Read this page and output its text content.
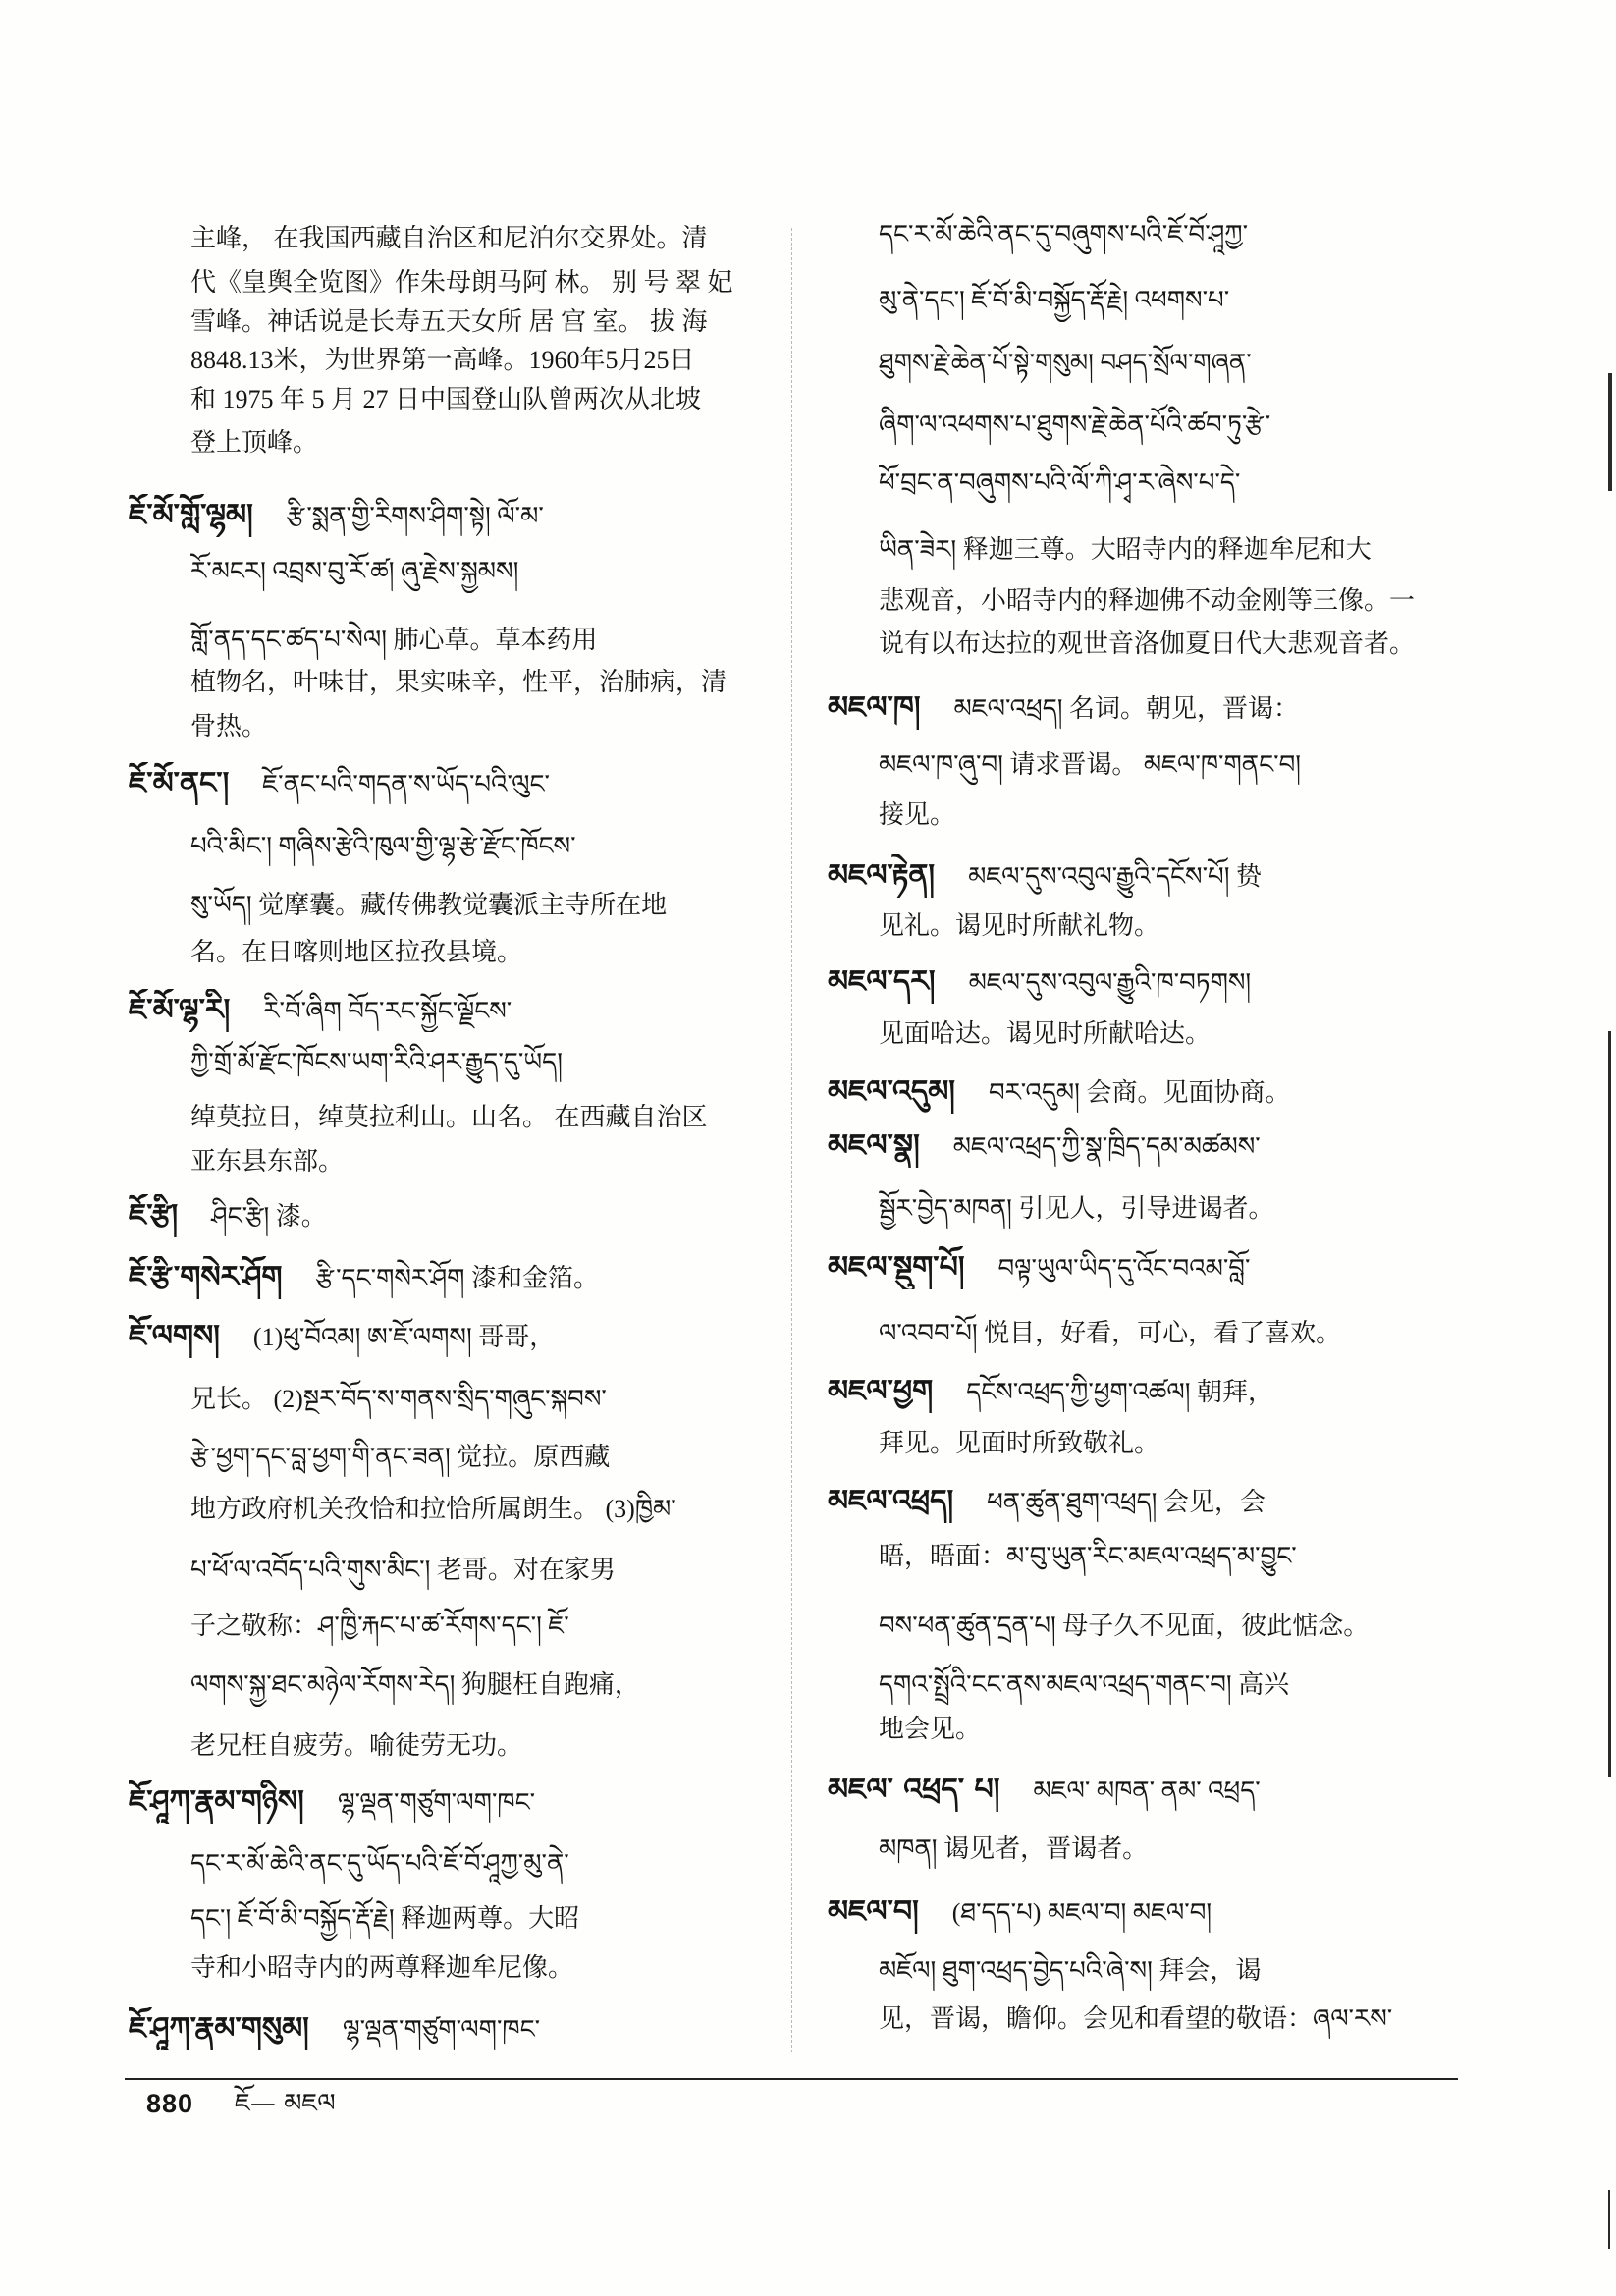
主峰， 在我国西藏自治区和尼泊尔交界处。清
代《皇舆全览图》作朱母朗马阿 林。 别 号 翠 妃
雪峰。神话说是长寿五天女所 居 宫 室。 拔 海
8848.13米，为世界第一高峰。1960年5月25日
和 1975 年 5 月 27 日中国登山队曾两次从北坡
登上顶峰。
ཇོ་མོ་གློ་ལྷམ། རྩི་སྨན་གྱི་རིགས་ཤིག་སྟེ། ལོ་མ་
རོ་མངར། འབྲས་བུ་རོ་ཚ། ཞུ་རྗེས་སྐྱམས།
གློ་ནད་དང་ཚད་པ་སེལ། 肺心草。草本药用
植物名，叶味甘，果实味辛，性平，治肺病，清
骨热。
ཇོ་མོ་ནང་། ཇོ་ནང་པའི་གདན་ས་ཡོད་པའི་ལུང་
པའི་མིང་། གཞིས་རྩེའི་ཁུལ་གྱི་ལྷ་རྩེ་རྫོང་ཁོངས་
སུ་ཡོད། 觉摩囊。藏传佛教觉囊派主寺所在地
名。在日喀则地区拉孜县境。
ཇོ་མོ་ལྷ་རི། རི་བོ་ཞིག བོད་རང་སྐྱོང་ལྗོངས་
ཀྱི་གྲོ་མོ་རྫོང་ཁོངས་ཡག་རིའི་ཤར་རྒྱུད་དུ་ཡོད།
绰莫拉日，绰莫拉利山。山名。 在西藏自治区
亚东县东部。
ཇོ་རྩི། ཤིང་རྩི། 漆。
ཇོ་རྩི་གསེར་ཤོག རྩི་དང་གསེར་ཤོག 漆和金箔。
ཇོ་ལགས། (1)ཕུ་བོའམ། ཨ་ཇོ་ལགས། 哥哥，
兄长。 (2)སྔར་བོད་ས་གནས་སྲིད་གཞུང་སྐབས་
རྩེ་ཕྱག་དང་བླ་ཕྱག་གི་ནང་ཟན། 觉拉。原西藏
地方政府机关孜恰和拉恰所属朗生。 (3)ཁྱིམ་
པ་ཕོ་ལ་འབོད་པའི་གུས་མིང་། 老哥。对在家男
子之敬称：ཤ་ཁྱི་རྐང་པ་ཚ་རོགས་དང་། ཇོ་
ལགས་སྐྱ་ཐང་མཉེལ་རོགས་རེད། 狗腿枉自跑痛，
老兄枉自疲劳。喻徒劳无功。
ཇོ་ཤཱཀ་རྣམ་གཉིས། ལྷ་ལྡན་གཙུག་ལག་ཁང་
དང་ར་མོ་ཆེའི་ནང་དུ་ཡོད་པའི་ཇོ་བོ་ཤཱཀྱ་མུ་ནེ་
དང་། ཇོ་བོ་མི་བསྐྱོད་རྡོ་རྗེ། 释迦两尊。大昭
寺和小昭寺内的两尊释迦牟尼像。
ཇོ་ཤཱཀ་རྣམ་གསུམ། ལྷ་ལྡན་གཙུག་ལག་ཁང་
དང་ར་མོ་ཆེའི་ནང་དུ་བཞུགས་པའི་ཇོ་བོ་ཤཱཀྱ་
མུ་ནེ་དང་། ཇོ་བོ་མི་བསྐྱོད་རྡོ་རྗེ། འཕགས་པ་
ཐུགས་རྗེ་ཆེན་པོ་སྟེ་གསུམ། བཤད་སྲོལ་གཞན་
ཞིག་ལ་འཕགས་པ་ཐུགས་རྗེ་ཆེན་པོའི་ཚབ་ཏུ་རྩེ་
ཕོ་བྲང་ན་བཞུགས་པའི་ལོ་ཀི་ཤྭ་ར་ཞེས་པ་དེ་
ཡིན་ཟེར། 释迦三尊。大昭寺内的释迦牟尼和大
悲观音，小昭寺内的释迦佛不动金刚等三像。一
说有以布达拉的观世音洛伽夏日代大悲观音者。
མཇལ་ཁ། མཇལ་འཕྲད། 名词。朝见，晋谒：
མཇལ་ཁ་ཞུ་བ། 请求晋谒。 མཇལ་ཁ་གནང་བ།
接见。
མཇལ་རྟེན། མཇལ་དུས་འབུལ་རྒྱུའི་དངོས་པོ། 贽
见礼。谒见时所献礼物。
མཇལ་དར། མཇལ་དུས་འབུལ་རྒྱུའི་ཁ་བཏགས།
见面哈达。谒见时所献哈达。
མཇལ་འདུམ། བར་འདུམ། 会商。见面协商。
མཇལ་སྣ། མཇལ་འཕྲད་ཀྱི་སྣ་ཁྲིད་དམ་མཚམས་
སྦྱོར་བྱེད་མཁན། 引见人，引导进谒者。
མཇལ་སྡུག་པོ། བལྟ་ཡུལ་ཡིད་དུ་འོང་བའམ་བློ་
ལ་འབབ་པོ། 悦目，好看，可心，看了喜欢。
མཇལ་ཕྱག དངོས་འཕྲད་ཀྱི་ཕྱག་འཚལ། 朝拜，
拜见。见面时所致敬礼。
མཇལ་འཕྲད། ཕན་ཚུན་ཐུག་འཕྲད། 会见，会
晤，晤面：མ་བུ་ཡུན་རིང་མཇལ་འཕྲད་མ་བྱུང་
བས་ཕན་ཚུན་དྲན་པ། 母子久不见面，彼此惦念。
དགའ་སྤྲོའི་ངང་ནས་མཇལ་འཕྲད་གནང་བ། 高兴
地会见。
མཇལ་ འཕྲད་ པ། མཇལ་ མཁན་ ནམ་ འཕྲད་
མཁན། 谒见者，晋谒者。
མཇལ་བ། (ཐ་དད་པ) མཇལ་བ། མཇལ་བ།
མཇོལ། ཐུག་འཕྲད་བྱེད་པའི་ཞེ་ས། 拜会，谒
见，晋谒，瞻仰。会见和看望的敬语：ཞལ་རས་
880 ཇོ— མཇལ
